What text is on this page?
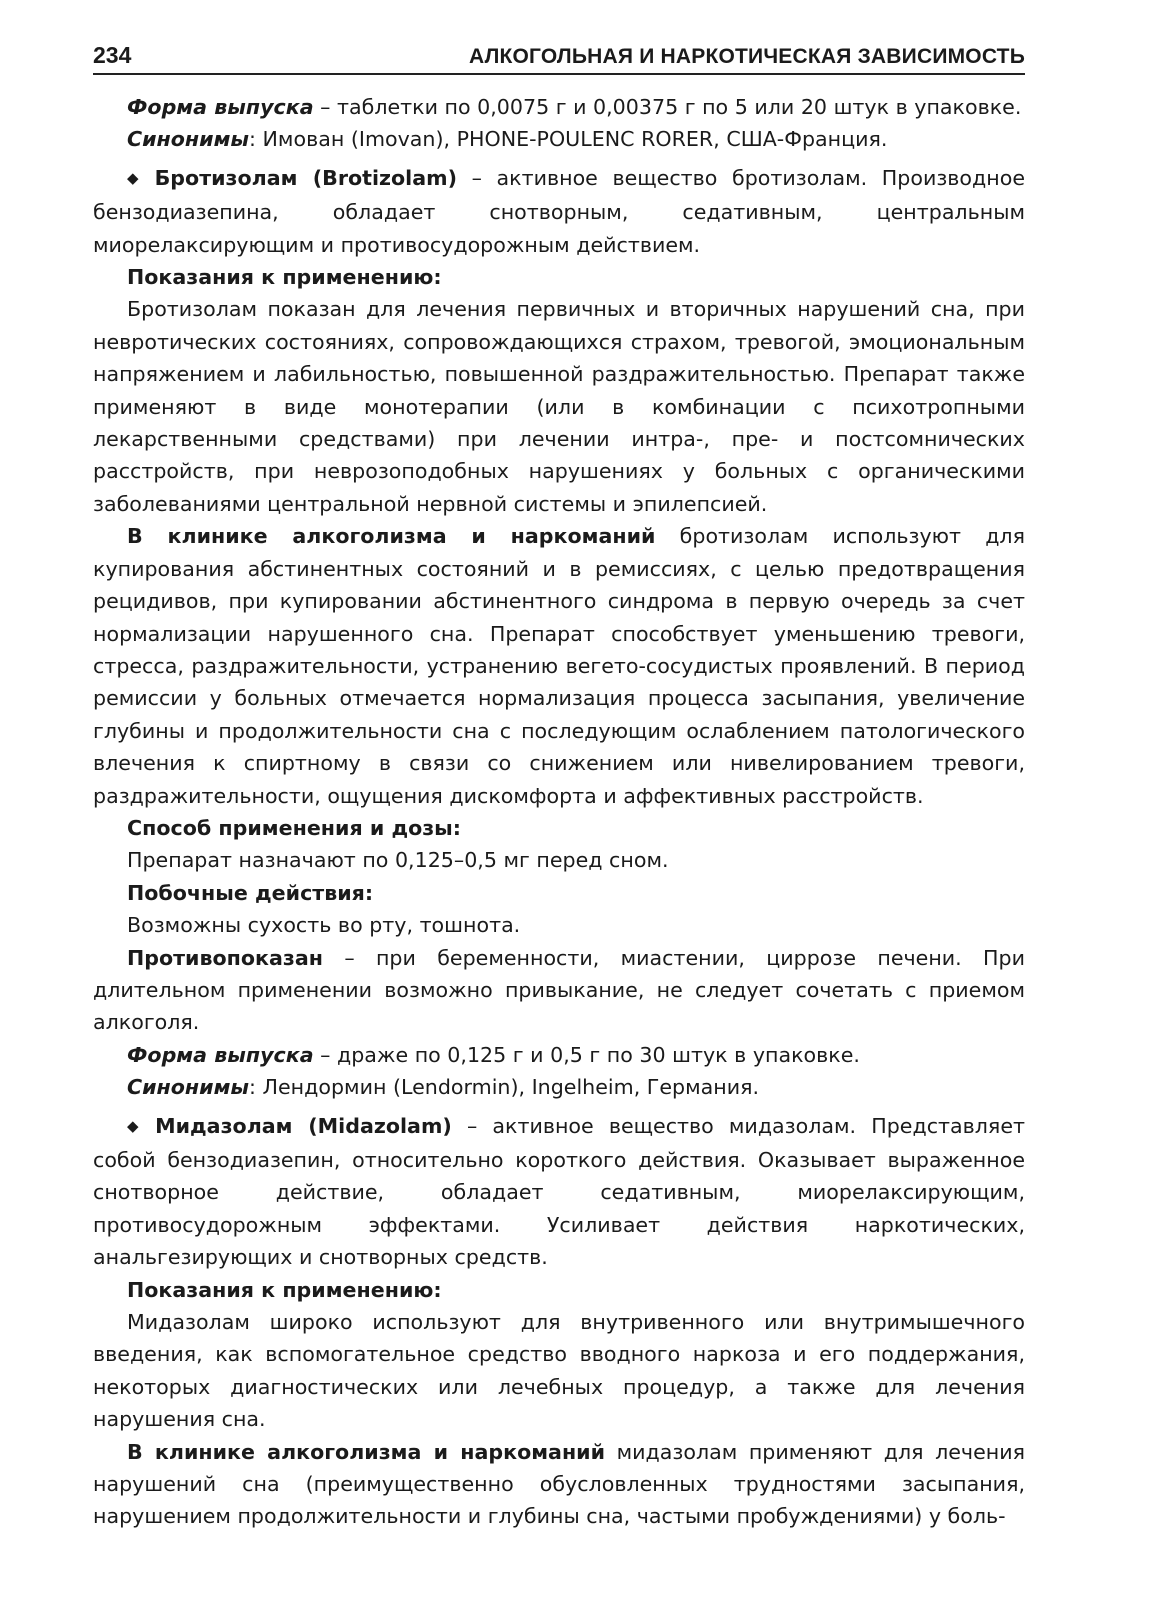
234	АЛКОГОЛЬНАЯ И НАРКОТИЧЕСКАЯ ЗАВИСИМОСТЬ

Форма выпуска – таблетки по 0,0075 г и 0,00375 г по 5 или 20 штук в упаковке.

Синонимы: Имован (Imovan), PHONE-POULENC RORER, США-Франция.

◆ Бротизолам (Brotizolam) – активное вещество бротизолам. Производное бензодиазепина, обладает снотворным, седативным, центральным миорелаксирующим и противосудорожным действием.

Показания к применению:

Бротизолам показан для лечения первичных и вторичных нарушений сна, при невротических состояниях, сопровождающихся страхом, тревогой, эмоциональным напряжением и лабильностью, повышенной раздражительностью. Препарат также применяют в виде монотерапии (или в комбинации с психотропными лекарственными средствами) при лечении интра-, пре- и постсомнических расстройств, при неврозоподобных нарушениях у больных с органическими заболеваниями центральной нервной системы и эпилепсией.

В клинике алкоголизма и наркоманий бротизолам используют для купирования абстинентных состояний и в ремиссиях, с целью предотвращения рецидивов, при купировании абстинентного синдрома в первую очередь за счет нормализации нарушенного сна. Препарат способствует уменьшению тревоги, стресса, раздражительности, устранению вегето-сосудистых проявлений. В период ремиссии у больных отмечается нормализация процесса засыпания, увеличение глубины и продолжительности сна с последующим ослаблением патологического влечения к спиртному в связи со снижением или нивелированием тревоги, раздражительности, ощущения дискомфорта и аффективных расстройств.

Способ применения и дозы:

Препарат назначают по 0,125–0,5 мг перед сном.

Побочные действия:

Возможны сухость во рту, тошнота.

Противопоказан – при беременности, миастении, циррозе печени. При длительном применении возможно привыкание, не следует сочетать с приемом алкоголя.

Форма выпуска – драже по 0,125 г и 0,5 г по 30 штук в упаковке.

Синонимы: Лендормин (Lendormin), Ingelheim, Германия.

◆ Мидазолам (Midazolam) – активное вещество мидазолам. Представляет собой бензодиазепин, относительно короткого действия. Оказывает выраженное снотворное действие, обладает седативным, миорелаксирующим, противосудорожным эффектами. Усиливает действия наркотических, анальгезирующих и снотворных средств.

Показания к применению:

Мидазолам широко используют для внутривенного или внутримышечного введения, как вспомогательное средство вводного наркоза и его поддержания, некоторых диагностических или лечебных процедур, а также для лечения нарушения сна.

В клинике алкоголизма и наркоманий мидазолам применяют для лечения нарушений сна (преимущественно обусловленных трудностями засыпания, нарушением продолжительности и глубины сна, частыми пробуждениями) у боль-
